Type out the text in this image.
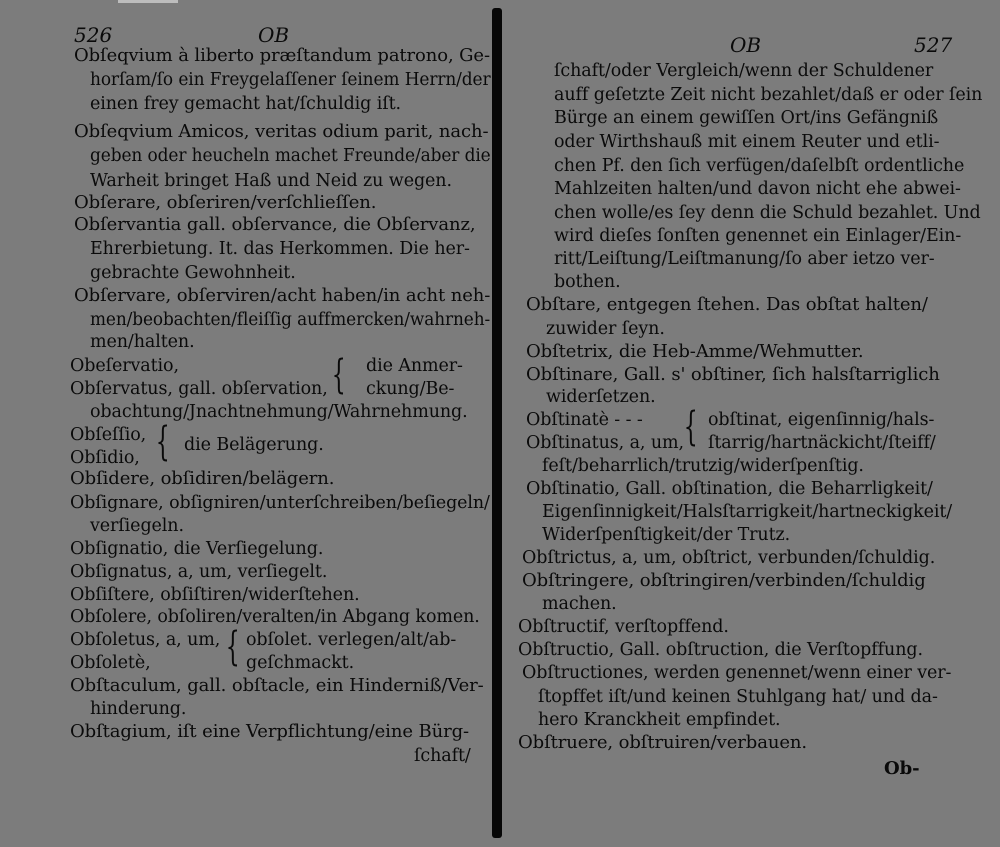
526	OB
Obſeqvium à liberto præſtandum patrono, Ge-
horſam/ſo ein Freygelaſſener ſeinem Herrn/der
einen frey gemacht hat/ſchuldig iſt.
Obſeqvium Amicos, veritas odium parit, nach-
geben oder heucheln machet Freunde/aber die
Warheit bringet Haß und Neid zu wegen.
Obſerare, obſeriren/verſchlieſſen.
Obſervantia gall. obſervance, die Obſervanz,
Ehrerbietung. It. das Herkommen. Die her-
gebrachte Gewohnheit.
Obſervare, obſerviren/acht haben/in acht neh-
men/beobachten/fleiſſig auffmercken/wahrneh-
men/halten.
Obeſervatio,	{ die Anmer-
Obſervatus, gall. obſervation, ckung/Be-
obachtung/Jnachtnehmung/Wahrnehmung.
Obſeſſio, {
Obſidio,
die Belägerung.
Obſidere, obſidiren/belägern.
Obſignare, obſigniren/unterſchreiben/beſiegeln/
verſiegeln.
Obſignatio, die Verſiegelung.
Obſignatus, a, um, verſiegelt.
Obſiſtere, obſiſtiren/widerſtehen.
Obſolere, obſoliren/veralten/in Abgang komen.
Obſoletus, a, um, { obſolet. verlegen/alt/ab-
Obſoletè,	geſchmackt.
Obſtaculum, gall. obſtacle, ein Hinderniß/Ver-
hinderung.
Obſtagium, iſt eine Verpflichtung/eine Bürg-
ſchaft/
OB	527
ſchaft/oder Vergleich/wenn der Schuldener
auff geſetzte Zeit nicht bezahlet/daß er oder ſein
Bürge an einem gewiſſen Ort/ins Gefängniß
oder Wirthshauß mit einem Reuter und etli-
chen Pf. den ſich verfügen/daſelbſt ordentliche
Mahlzeiten halten/und davon nicht ehe abwei-
chen wolle/es ſey denn die Schuld bezahlet. Und
wird dieſes ſonſten genennet ein Einlager/Ein-
ritt/Leiſtung/Leiſtmanung/ſo aber ietzo ver-
bothen.
Obſtare, entgegen ſtehen. Das obſtat halten/
zuwider ſeyn.
Obſtetrix, die Heb-Amme/Wehmutter.
Obſtinare, Gall. s' obſtiner, ſich halsſtarriglich
widerſetzen.
Obſtinatè - - - { obſtinat, eigenſinnig/hals-
Obſtinatus, a, um, ſtarrig/hartnäckicht/ſteiff/
feſt/beharrlich/trutzig/widerſpenſtig.
Obſtinatio, Gall. obſtination, die Beharrligkeit/
Eigenſinnigkeit/Halsſtarrigkeit/hartneckigkeit/
Widerſpenſtigkeit/der Trutz.
Obſtrictus, a, um, obſtrict, verbunden/ſchuldig.
Obſtringere, obſtringiren/verbinden/ſchuldig
machen.
Obſtructif, verſtopffend.
Obſtructio, Gall. obſtruction, die Verſtopffung.
Obſtructiones, werden genennet/wenn einer ver-
ſtopffet iſt/und keinen Stuhlgang hat/ und da-
hero Kranckheit empfindet.
Obſtruere, obſtruiren/verbauen.
Ob-
